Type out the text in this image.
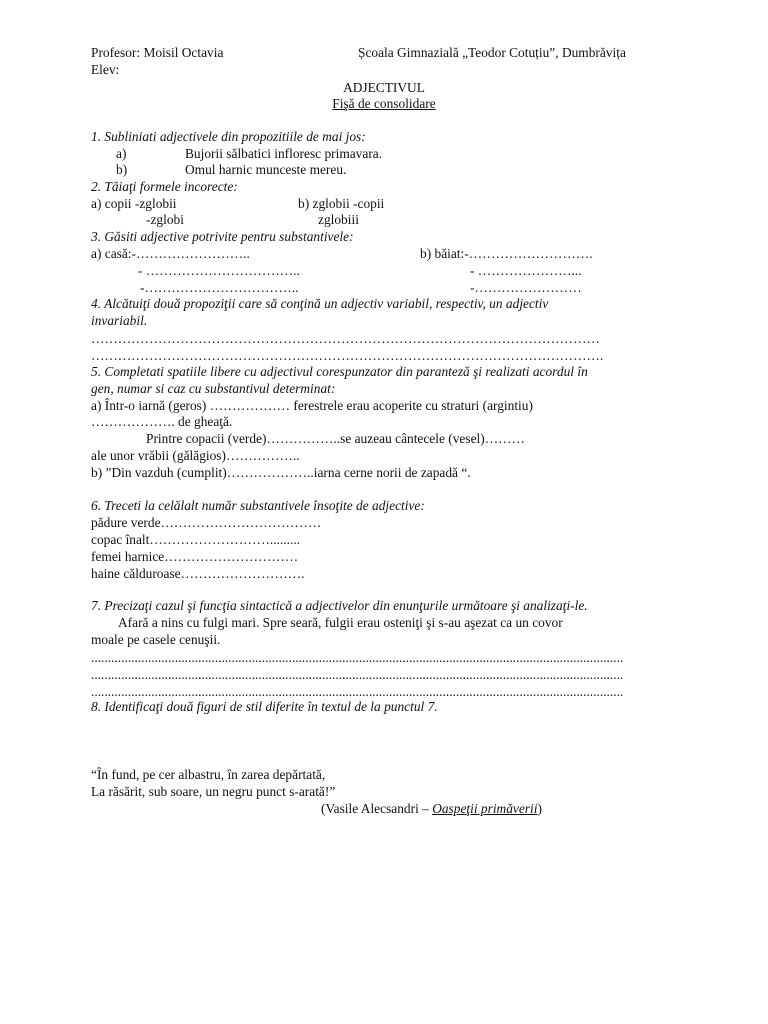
Profesor: Moisil Octavia	Școala Gimnazială „Teodor Cotuțiu”, Dumbrăvița
Elev:
ADJECTIVUL
Fişă de consolidare
1. Subliniati adjectivele din propozitiile de mai jos:
a)	Bujorii sălbatici infloresc primavara.
b)	Omul harnic munceste mereu.
2. Tăiaţi formele incorecte:
a) copii -zglobii	b) zglobii -copii
-zglobi	zglobiii
3. Găsiti adjective potrivite pentru substantivele:
a) casă:-……………………..	b) băiat:-……………………….
- ……………………………..	- …………………...
-……………………………..	-……………………
4. Alcătuiţi două propoziţii care să conţină un adjectiv variabil, respectiv, un adjectiv
invariabil.
……………………………………………………………………………………………………
…………………………………………………………………………………………………….
5. Completati spatiile libere cu adjectivul corespunzator din paranteză şi realizati acordul în
gen, numar si caz cu substantivul determinat:
a) Într-o iarnă (geros) ……………… ferestrele erau acoperite cu straturi (argintiu)
………………. de gheaţă.
Printre copacii (verde)……………..se auzeau cântecele (vesel)………
ale unor vrăbii (gălăgios)……………..
b) ”Din vazduh (cumplit)………………..iarna cerne norii de zapadă “.
6. Treceti la celălalt număr substantivele însoţite de adjective:
pădure verde………………………………
copac înalt……………………….........
femei harnice…………………………
haine călduroase……………………….
7. Precizaţi cazul şi funcţia sintactică a adjectivelor din enunţurile următoare şi analizaţi-le.
Afară a nins cu fulgi mari. Spre seară, fulgii erau osteniţi şi s-au aşezat ca un covor
moale pe casele cenuşii.
...............................................................................................................................................................
...............................................................................................................................................................
...............................................................................................................................................................
8. Identificaţi două figuri de stil diferite în textul de la punctul 7.
“În fund, pe cer albastru, în zarea depărtată,
La răsărit, sub soare, un negru punct s-arată!”
(Vasile Alecsandri – Oaspeţii primăverii)
